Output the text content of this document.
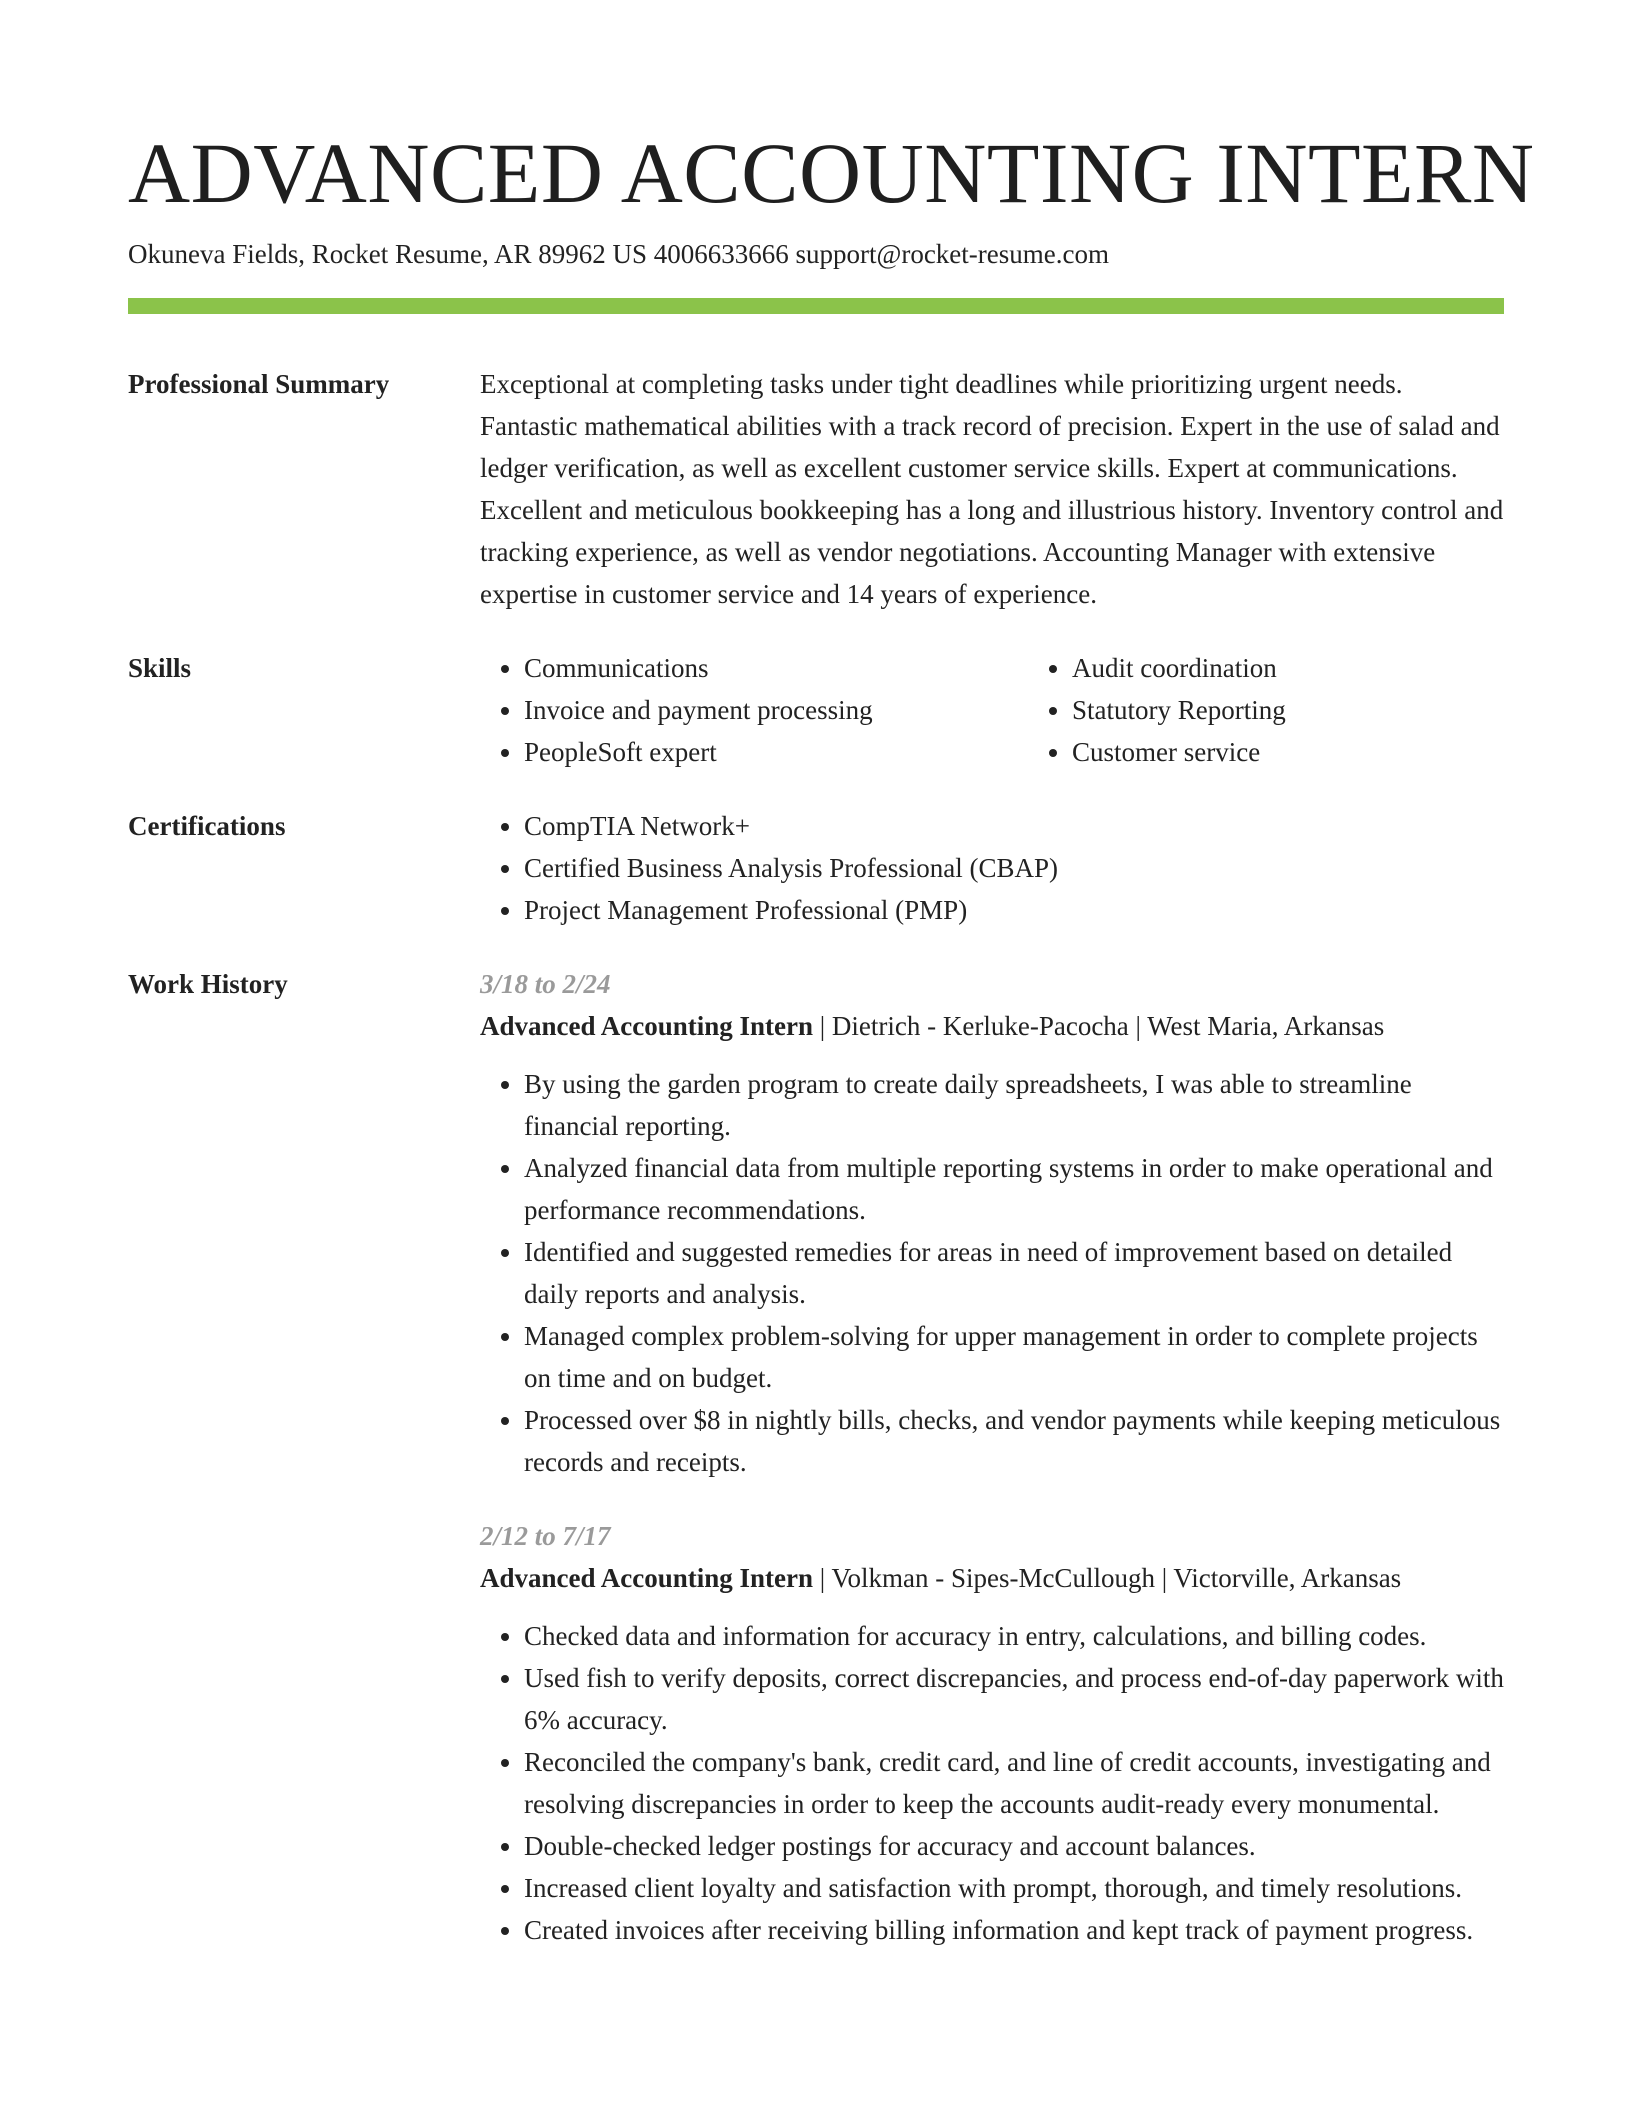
ADVANCED ACCOUNTING INTERN
Okuneva Fields, Rocket Resume, AR 89962 US 4006633666 support@rocket-resume.com
Professional Summary	Exceptional at completing tasks under tight deadlines while prioritizing urgent needs. Fantastic mathematical abilities with a track record of precision. Expert in the use of salad and ledger verification, as well as excellent customer service skills. Expert at communications. Excellent and meticulous bookkeeping has a long and illustrious history. Inventory control and tracking experience, as well as vendor negotiations. Accounting Manager with extensive expertise in customer service and 14 years of experience.
Skills	• Communications
• Invoice and payment processing
• PeopleSoft expert
• Audit coordination
• Statutory Reporting
• Customer service
Certifications	• CompTIA Network+
• Certified Business Analysis Professional (CBAP)
• Project Management Professional (PMP)
Work History	3/18 to 2/24
Advanced Accounting Intern | Dietrich - Kerluke-Pacocha | West Maria, Arkansas
• By using the garden program to create daily spreadsheets, I was able to streamline financial reporting.
• Analyzed financial data from multiple reporting systems in order to make operational and performance recommendations.
• Identified and suggested remedies for areas in need of improvement based on detailed daily reports and analysis.
• Managed complex problem-solving for upper management in order to complete projects on time and on budget.
• Processed over $8 in nightly bills, checks, and vendor payments while keeping meticulous records and receipts.
2/12 to 7/17
Advanced Accounting Intern | Volkman - Sipes-McCullough | Victorville, Arkansas
• Checked data and information for accuracy in entry, calculations, and billing codes.
• Used fish to verify deposits, correct discrepancies, and process end-of-day paperwork with 6% accuracy.
• Reconciled the company's bank, credit card, and line of credit accounts, investigating and resolving discrepancies in order to keep the accounts audit-ready every monumental.
• Double-checked ledger postings for accuracy and account balances.
• Increased client loyalty and satisfaction with prompt, thorough, and timely resolutions.
• Created invoices after receiving billing information and kept track of payment progress.
